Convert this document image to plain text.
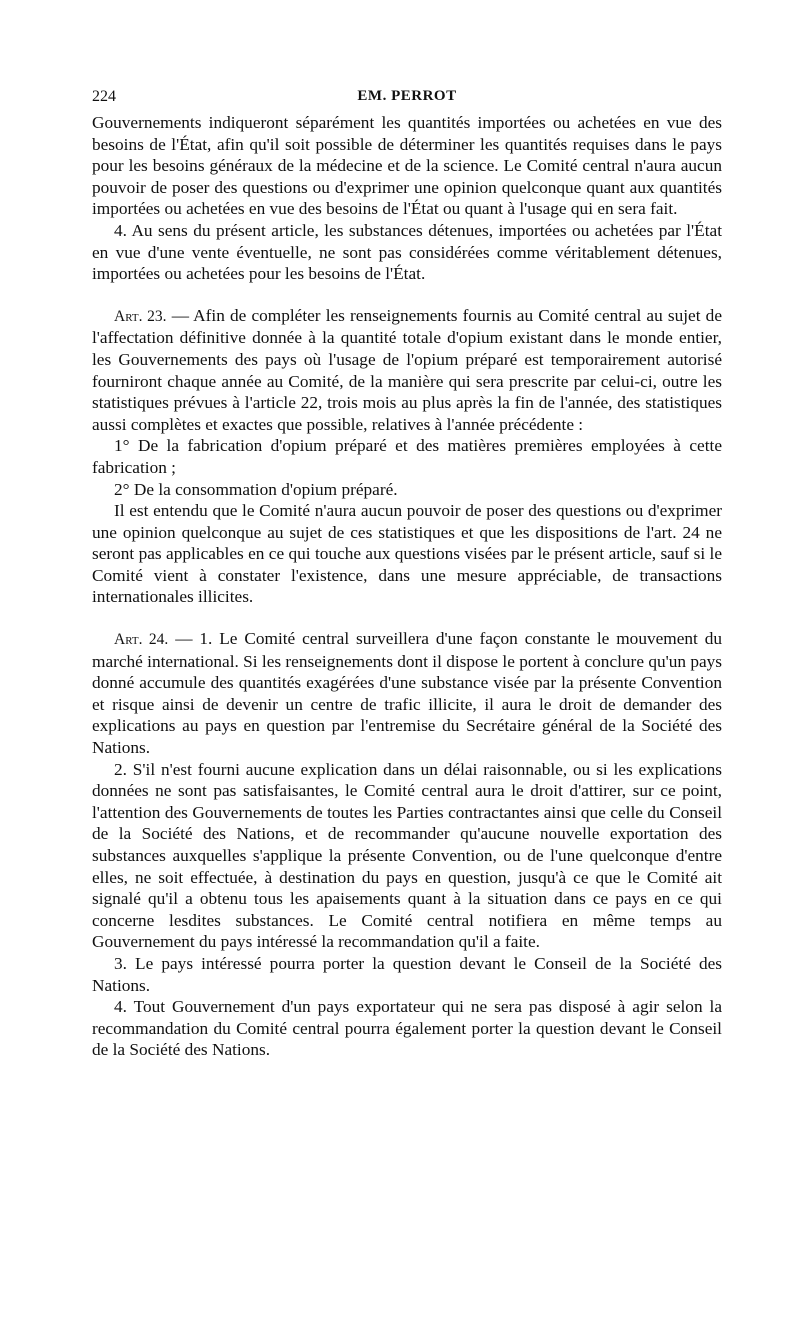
224	EM. PERROT

Gouvernements indiqueront séparément les quantités importées ou achetées en vue des besoins de l'État, afin qu'il soit possible de déterminer les quantités requises dans le pays pour les besoins généraux de la médecine et de la science. Le Comité central n'aura aucun pouvoir de poser des questions ou d'exprimer une opinion quelconque quant aux quantités importées ou achetées en vue des besoins de l'État ou quant à l'usage qui en sera fait.

4. Au sens du présent article, les substances détenues, importées ou achetées par l'État en vue d'une vente éventuelle, ne sont pas considérées comme véritablement détenues, importées ou achetées pour les besoins de l'État.

Art. 23. — Afin de compléter les renseignements fournis au Comité central au sujet de l'affectation définitive donnée à la quantité totale d'opium existant dans le monde entier, les Gouvernements des pays où l'usage de l'opium préparé est temporairement autorisé fourniront chaque année au Comité, de la manière qui sera prescrite par celui-ci, outre les statistiques prévues à l'article 22, trois mois au plus après la fin de l'année, des statistiques aussi complètes et exactes que possible, relatives à l'année précédente :

1° De la fabrication d'opium préparé et des matières premières employées à cette fabrication ;

2° De la consommation d'opium préparé.

Il est entendu que le Comité n'aura aucun pouvoir de poser des questions ou d'exprimer une opinion quelconque au sujet de ces statistiques et que les dispositions de l'art. 24 ne seront pas applicables en ce qui touche aux questions visées par le présent article, sauf si le Comité vient à constater l'existence, dans une mesure appréciable, de transactions internationales illicites.

Art. 24. — 1. Le Comité central surveillera d'une façon constante le mouvement du marché international. Si les renseignements dont il dispose le portent à conclure qu'un pays donné accumule des quantités exagérées d'une substance visée par la présente Convention et risque ainsi de devenir un centre de trafic illicite, il aura le droit de demander des explications au pays en question par l'entremise du Secrétaire général de la Société des Nations.

2. S'il n'est fourni aucune explication dans un délai raisonnable, ou si les explications données ne sont pas satisfaisantes, le Comité central aura le droit d'attirer, sur ce point, l'attention des Gouvernements de toutes les Parties contractantes ainsi que celle du Conseil de la Société des Nations, et de recommander qu'aucune nouvelle exportation des substances auxquelles s'applique la présente Convention, ou de l'une quelconque d'entre elles, ne soit effectuée, à destination du pays en question, jusqu'à ce que le Comité ait signalé qu'il a obtenu tous les apaisements quant à la situation dans ce pays en ce qui concerne lesdites substances. Le Comité central notifiera en même temps au Gouvernement du pays intéressé la recommandation qu'il a faite.

3. Le pays intéressé pourra porter la question devant le Conseil de la Société des Nations.

4. Tout Gouvernement d'un pays exportateur qui ne sera pas disposé à agir selon la recommandation du Comité central pourra également porter la question devant le Conseil de la Société des Nations.
